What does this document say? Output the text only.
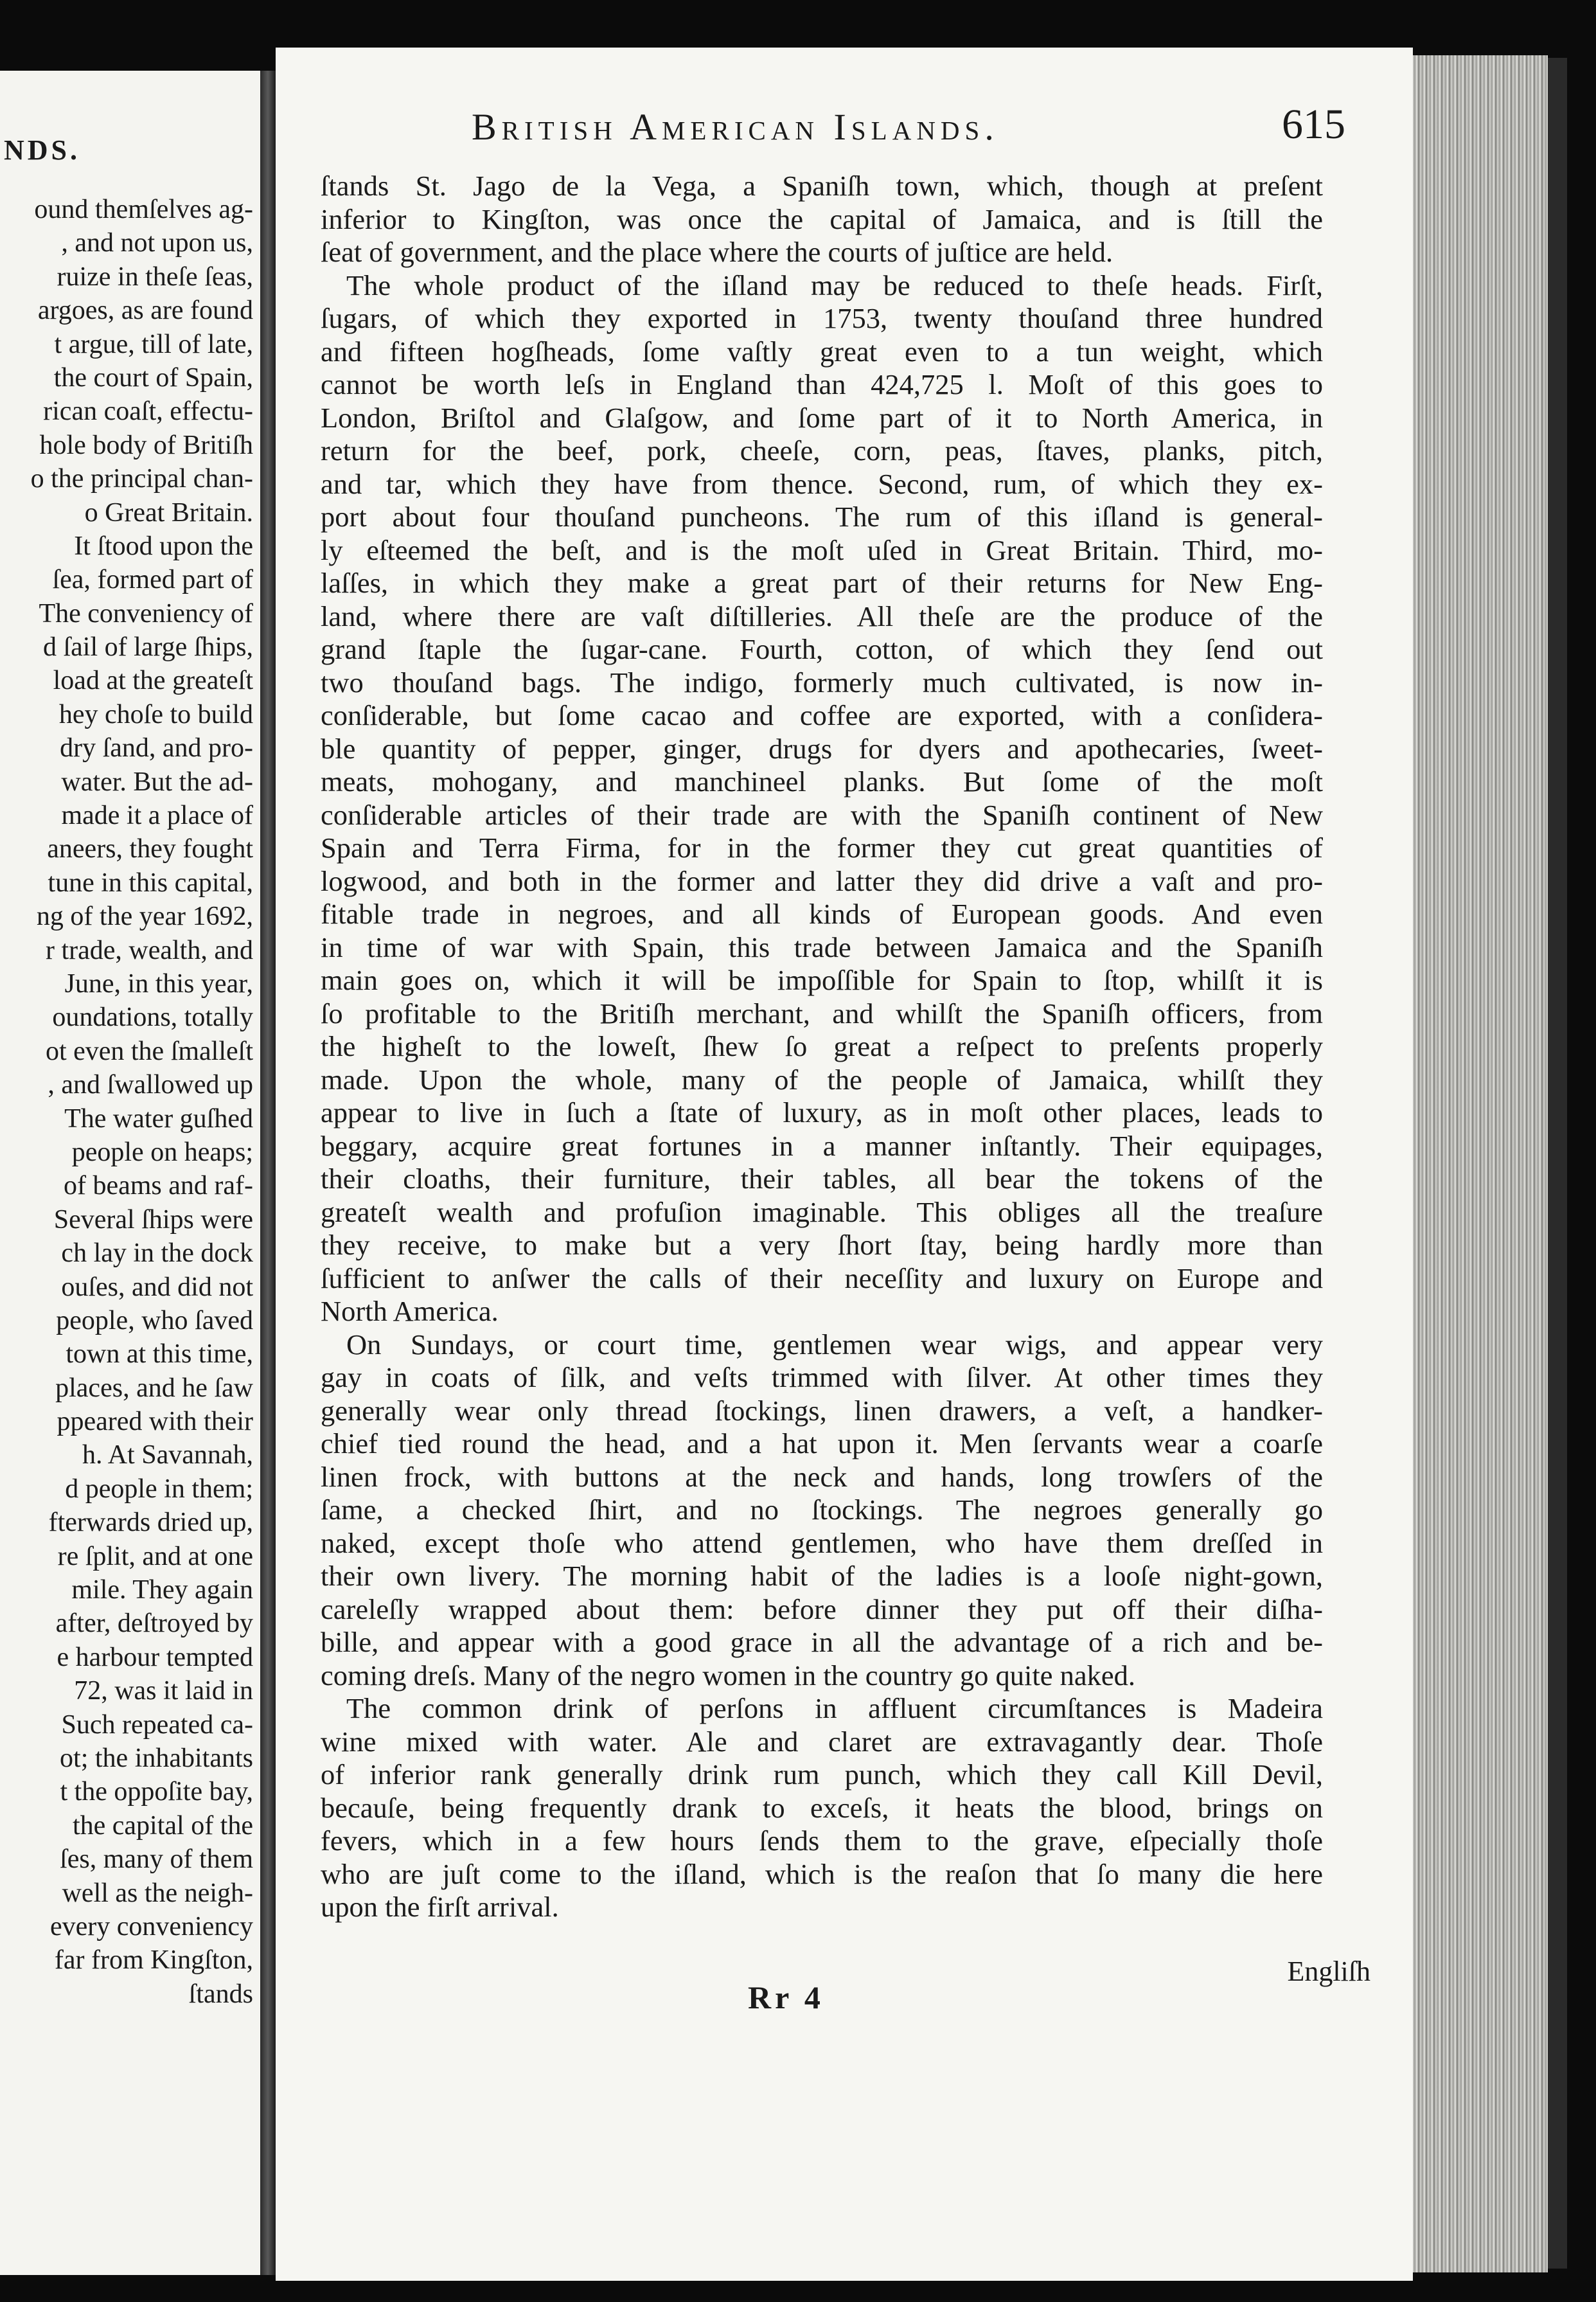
NDS.
ound themſelves ag-
, and not upon us,
ruize in theſe ſeas,
argoes, as are found
t argue, till of late,
the court of Spain,
rican coaſt, effectu-
hole body of Britiſh
o the principal chan-
o Great Britain.
It ſtood upon the
ſea, formed part of
The conveniency of
d ſail of large ſhips,
load at the greateſt
hey choſe to build
dry ſand, and pro-
water. But the ad-
made it a place of
aneers, they fought
tune in this capital,
ng of the year 1692,
r trade, wealth, and
June, in this year,
oundations, totally
ot even the ſmalleſt
, and ſwallowed up
The water guſhed
people on heaps;
of beams and raf-
Several ſhips were
ch lay in the dock
ouſes, and did not
people, who ſaved
town at this time,
places, and he ſaw
ppeared with their
h. At Savannah,
d people in them;
fterwards dried up,
re ſplit, and at one
mile. They again
after, deſtroyed by
e harbour tempted
72, was it laid in
Such repeated ca-
ot; the inhabitants
t the oppoſite bay,
the capital of the
ſes, many of them
well as the neigh-
every conveniency
far from Kingſton,
ſtands
British American Islands.	615
ſtands St. Jago de la Vega, a Spaniſh town, which, though at preſent
inferior to Kingſton, was once the capital of Jamaica, and is ſtill the
ſeat of government, and the place where the courts of juſtice are held.
The whole product of the iſland may be reduced to theſe heads. Firſt,
ſugars, of which they exported in 1753, twenty thouſand three hundred
and fifteen hogſheads, ſome vaſtly great even to a tun weight, which
cannot be worth leſs in England than 424,725 l. Moſt of this goes to
London, Briſtol and Glaſgow, and ſome part of it to North America, in
return for the beef, pork, cheeſe, corn, peas, ſtaves, planks, pitch,
and tar, which they have from thence. Second, rum, of which they ex-
port about four thouſand puncheons. The rum of this iſland is general-
ly eſteemed the beſt, and is the moſt uſed in Great Britain. Third, mo-
laſſes, in which they make a great part of their returns for New Eng-
land, where there are vaſt diſtilleries. All theſe are the produce of the
grand ſtaple the ſugar-cane. Fourth, cotton, of which they ſend out
two thouſand bags. The indigo, formerly much cultivated, is now in-
conſiderable, but ſome cacao and coffee are exported, with a conſidera-
ble quantity of pepper, ginger, drugs for dyers and apothecaries, ſweet-
meats, mohogany, and manchineel planks. But ſome of the moſt
conſiderable articles of their trade are with the Spaniſh continent of New
Spain and Terra Firma, for in the former they cut great quantities of
logwood, and both in the former and latter they did drive a vaſt and pro-
fitable trade in negroes, and all kinds of European goods. And even
in time of war with Spain, this trade between Jamaica and the Spaniſh
main goes on, which it will be impoſſible for Spain to ſtop, whilſt it is
ſo profitable to the Britiſh merchant, and whilſt the Spaniſh officers, from
the higheſt to the loweſt, ſhew ſo great a reſpect to preſents properly
made. Upon the whole, many of the people of Jamaica, whilſt they
appear to live in ſuch a ſtate of luxury, as in moſt other places, leads to
beggary, acquire great fortunes in a manner inſtantly. Their equipages,
their cloaths, their furniture, their tables, all bear the tokens of the
greateſt wealth and profuſion imaginable. This obliges all the treaſure
they receive, to make but a very ſhort ſtay, being hardly more than
ſufficient to anſwer the calls of their neceſſity and luxury on Europe and
North America.
On Sundays, or court time, gentlemen wear wigs, and appear very
gay in coats of ſilk, and veſts trimmed with ſilver. At other times they
generally wear only thread ſtockings, linen drawers, a veſt, a handker-
chief tied round the head, and a hat upon it. Men ſervants wear a coarſe
linen frock, with buttons at the neck and hands, long trowſers of the
ſame, a checked ſhirt, and no ſtockings. The negroes generally go
naked, except thoſe who attend gentlemen, who have them dreſſed in
their own livery. The morning habit of the ladies is a looſe night-gown,
careleſly wrapped about them: before dinner they put off their diſha-
bille, and appear with a good grace in all the advantage of a rich and be-
coming dreſs. Many of the negro women in the country go quite naked.
The common drink of perſons in affluent circumſtances is Madeira
wine mixed with water. Ale and claret are extravagantly dear. Thoſe
of inferior rank generally drink rum punch, which they call Kill Devil,
becauſe, being frequently drank to exceſs, it heats the blood, brings on
fevers, which in a few hours ſends them to the grave, eſpecially thoſe
who are juſt come to the iſland, which is the reaſon that ſo many die here
upon the firſt arrival.
Rr 4
Engliſh
